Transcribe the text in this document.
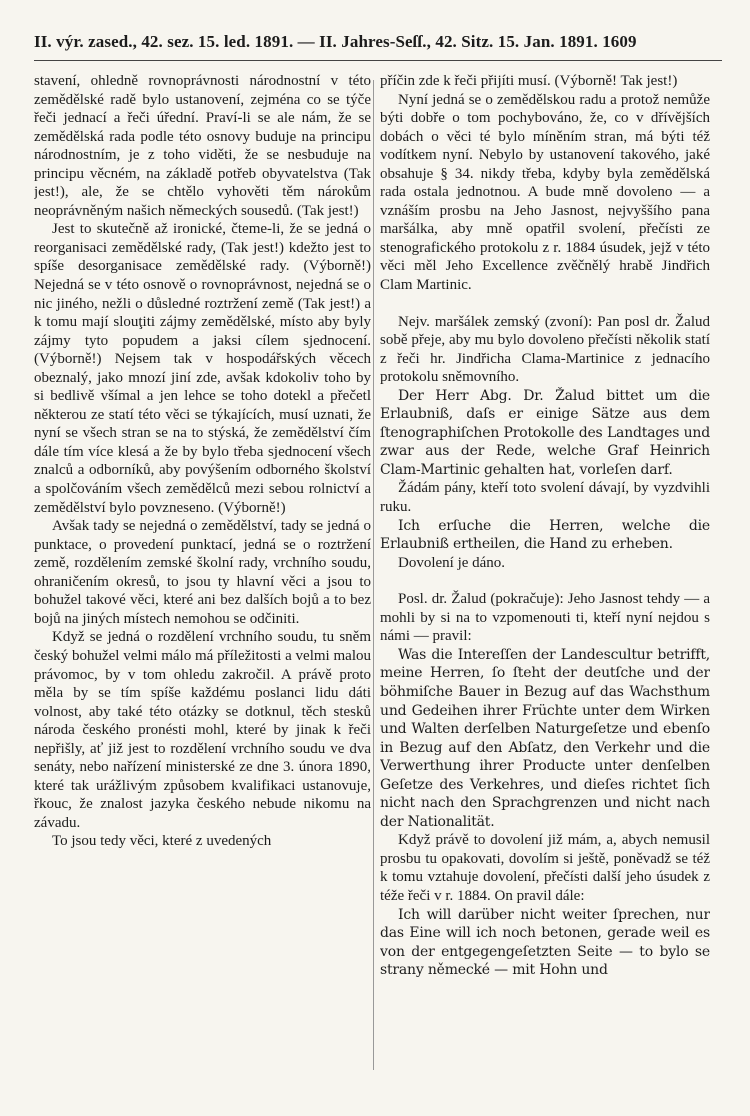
II. výr. zased., 42. sez. 15. led. 1891. — II. Jahres-Seſſ., 42. Sitz. 15. Jan. 1891. 1609

stavení, ohledně rovnoprávnosti národnostní v této zemědělské radě bylo ustanovení, zejména co se týče řeči jednací a řeči úřední. Praví-li se ale nám, že se zemědělská rada podle této osnovy buduje na principu národnostním, je z toho viděti, že se nesbuduje na principu věcném, na základě potřeb obyvatelstva (Tak jest!), ale, že se chtělo vyhověti těm nárokům neoprávněným našich německých sousedů. (Tak jest!)

Jest to skutečně až ironické, čteme-li, že se jedná o reorganisaci zemědělské rady, (Tak jest!) kdežto jest to spíše desorganisace zemědělské rady. (Výborně!) Nejedná se v této osnově o rovnoprávnost, nejedná se o nic jiného, nežli o důsledné roztržení země (Tak jest!) a k tomu mají slouţiti zájmy zemědělské, místo aby byly zájmy tyto popudem a jaksi cílem sjednocení. (Výborně!) Nejsem tak v hospodářských věcech obeznalý, jako mnozí jiní zde, avšak kdokoliv toho by si bedlivě všímal a jen lehce se toho dotekl a přečetl některou ze statí této věci se týkajících, musí uznati, že nyní se všech stran se na to stýská, že zemědělství čím dále tím více klesá a že by bylo třeba sjednocení všech znalců a odborníků, aby povýšením odborného školství a spolčováním všech zemědělců mezi sebou rolnictví a zemědělství bylo povzneseno. (Výborně!)

Avšak tady se nejedná o zemědělství, tady se jedná o punktace, o provedení punktací, jedná se o roztržení země, rozdělením zemské školní rady, vrchního soudu, ohraničením okresů, to jsou ty hlavní věci a jsou to bohužel takové věci, které ani bez dalších bojů a to bez bojů na jiných místech nemohou se odčiniti.

Když se jedná o rozdělení vrchního soudu, tu sněm český bohužel velmi málo má příležitosti a velmi malou právomoc, by v tom ohledu zakročil. A právě proto měla by se tím spíše každému poslanci lidu dáti volnost, aby také této otázky se dotknul, těch stesků národa českého pronésti mohl, které by jinak k řeči nepřišly, ať již jest to rozdělení vrchního soudu ve dva senáty, nebo nařízení ministerské ze dne 3. února 1890, které tak urážlivým způsobem kvalifikaci ustanovuje, řkouc, že znalost jazyka českého nebude nikomu na závadu.

To jsou tedy věci, které z uvedených

příčin zde k řeči přijíti musí. (Výborně! Tak jest!)

Nyní jedná se o zemědělskou radu a protož nemůže býti dobře o tom pochybováno, že, co v dřívějších dobách o věci té bylo míněním stran, má býti též vodítkem nyní. Nebylo by ustanovení takového, jaké obsahuje § 34. nikdy třeba, kdyby byla zemědělská rada ostala jednotnou. A bude mně dovoleno — a vznáším prosbu na Jeho Jasnost, nejvyššího pana maršálka, aby mně opatřil svolení, přečísti ze stenografického protokolu z r. 1884 úsudek, jejž v této věci měl Jeho Excellence zvěčnělý hrabě Jindřich Clam Martinic.

Nejv. maršálek zemský (zvoní): Pan posl dr. Žalud sobě přeje, aby mu bylo dovoleno přečísti několik statí z řeči hr. Jindřicha Clama-Martinice z jednacího protokolu sněmovního.

Der Herr Abg. Dr. Žalud bittet um die Erlaubniß, daſs er einige Sätze aus dem ſtenographiſchen Protokolle des Landtages und zwar aus der Rede, welche Graf Heinrich Clam-Martinic gehalten hat, vorleſen darf.

Žádám pány, kteří toto svolení dávají, by vyzdvihli ruku.

Ich erſuche die Herren, welche die Erlaubniß ertheilen, die Hand zu erheben.

Dovolení je dáno.

Posl. dr. Žalud (pokračuje): Jeho Jasnost tehdy — a mohli by si na to vzpomenouti ti, kteří nyní nejdou s námi — pravil:

Was die Intereſſen der Landescultur betrifft, meine Herren, ſo ſteht der deutſche und der böhmiſche Bauer in Bezug auf das Wachsthum und Gedeihen ihrer Früchte unter dem Wirken und Walten derſelben Naturgeſetze und ebenſo in Bezug auf den Abſatz, den Verkehr und die Verwerthung ihrer Producte unter denſelben Geſetze des Verkehres, und dieſes richtet ſich nicht nach den Sprachgrenzen und nicht nach der Nationalität.

Když právě to dovolení již mám, a, abych nemusil prosbu tu opakovati, dovolím si ještě, poněvadž se též k tomu vztahuje dovolení, přečísti další jeho úsudek z téže řeči v r. 1884. On pravil dále:

Ich will darüber nicht weiter ſprechen, nur das Eine will ich noch betonen, gerade weil es von der entgegengeſetzten Seite — to bylo se strany německé — mit Hohn und
